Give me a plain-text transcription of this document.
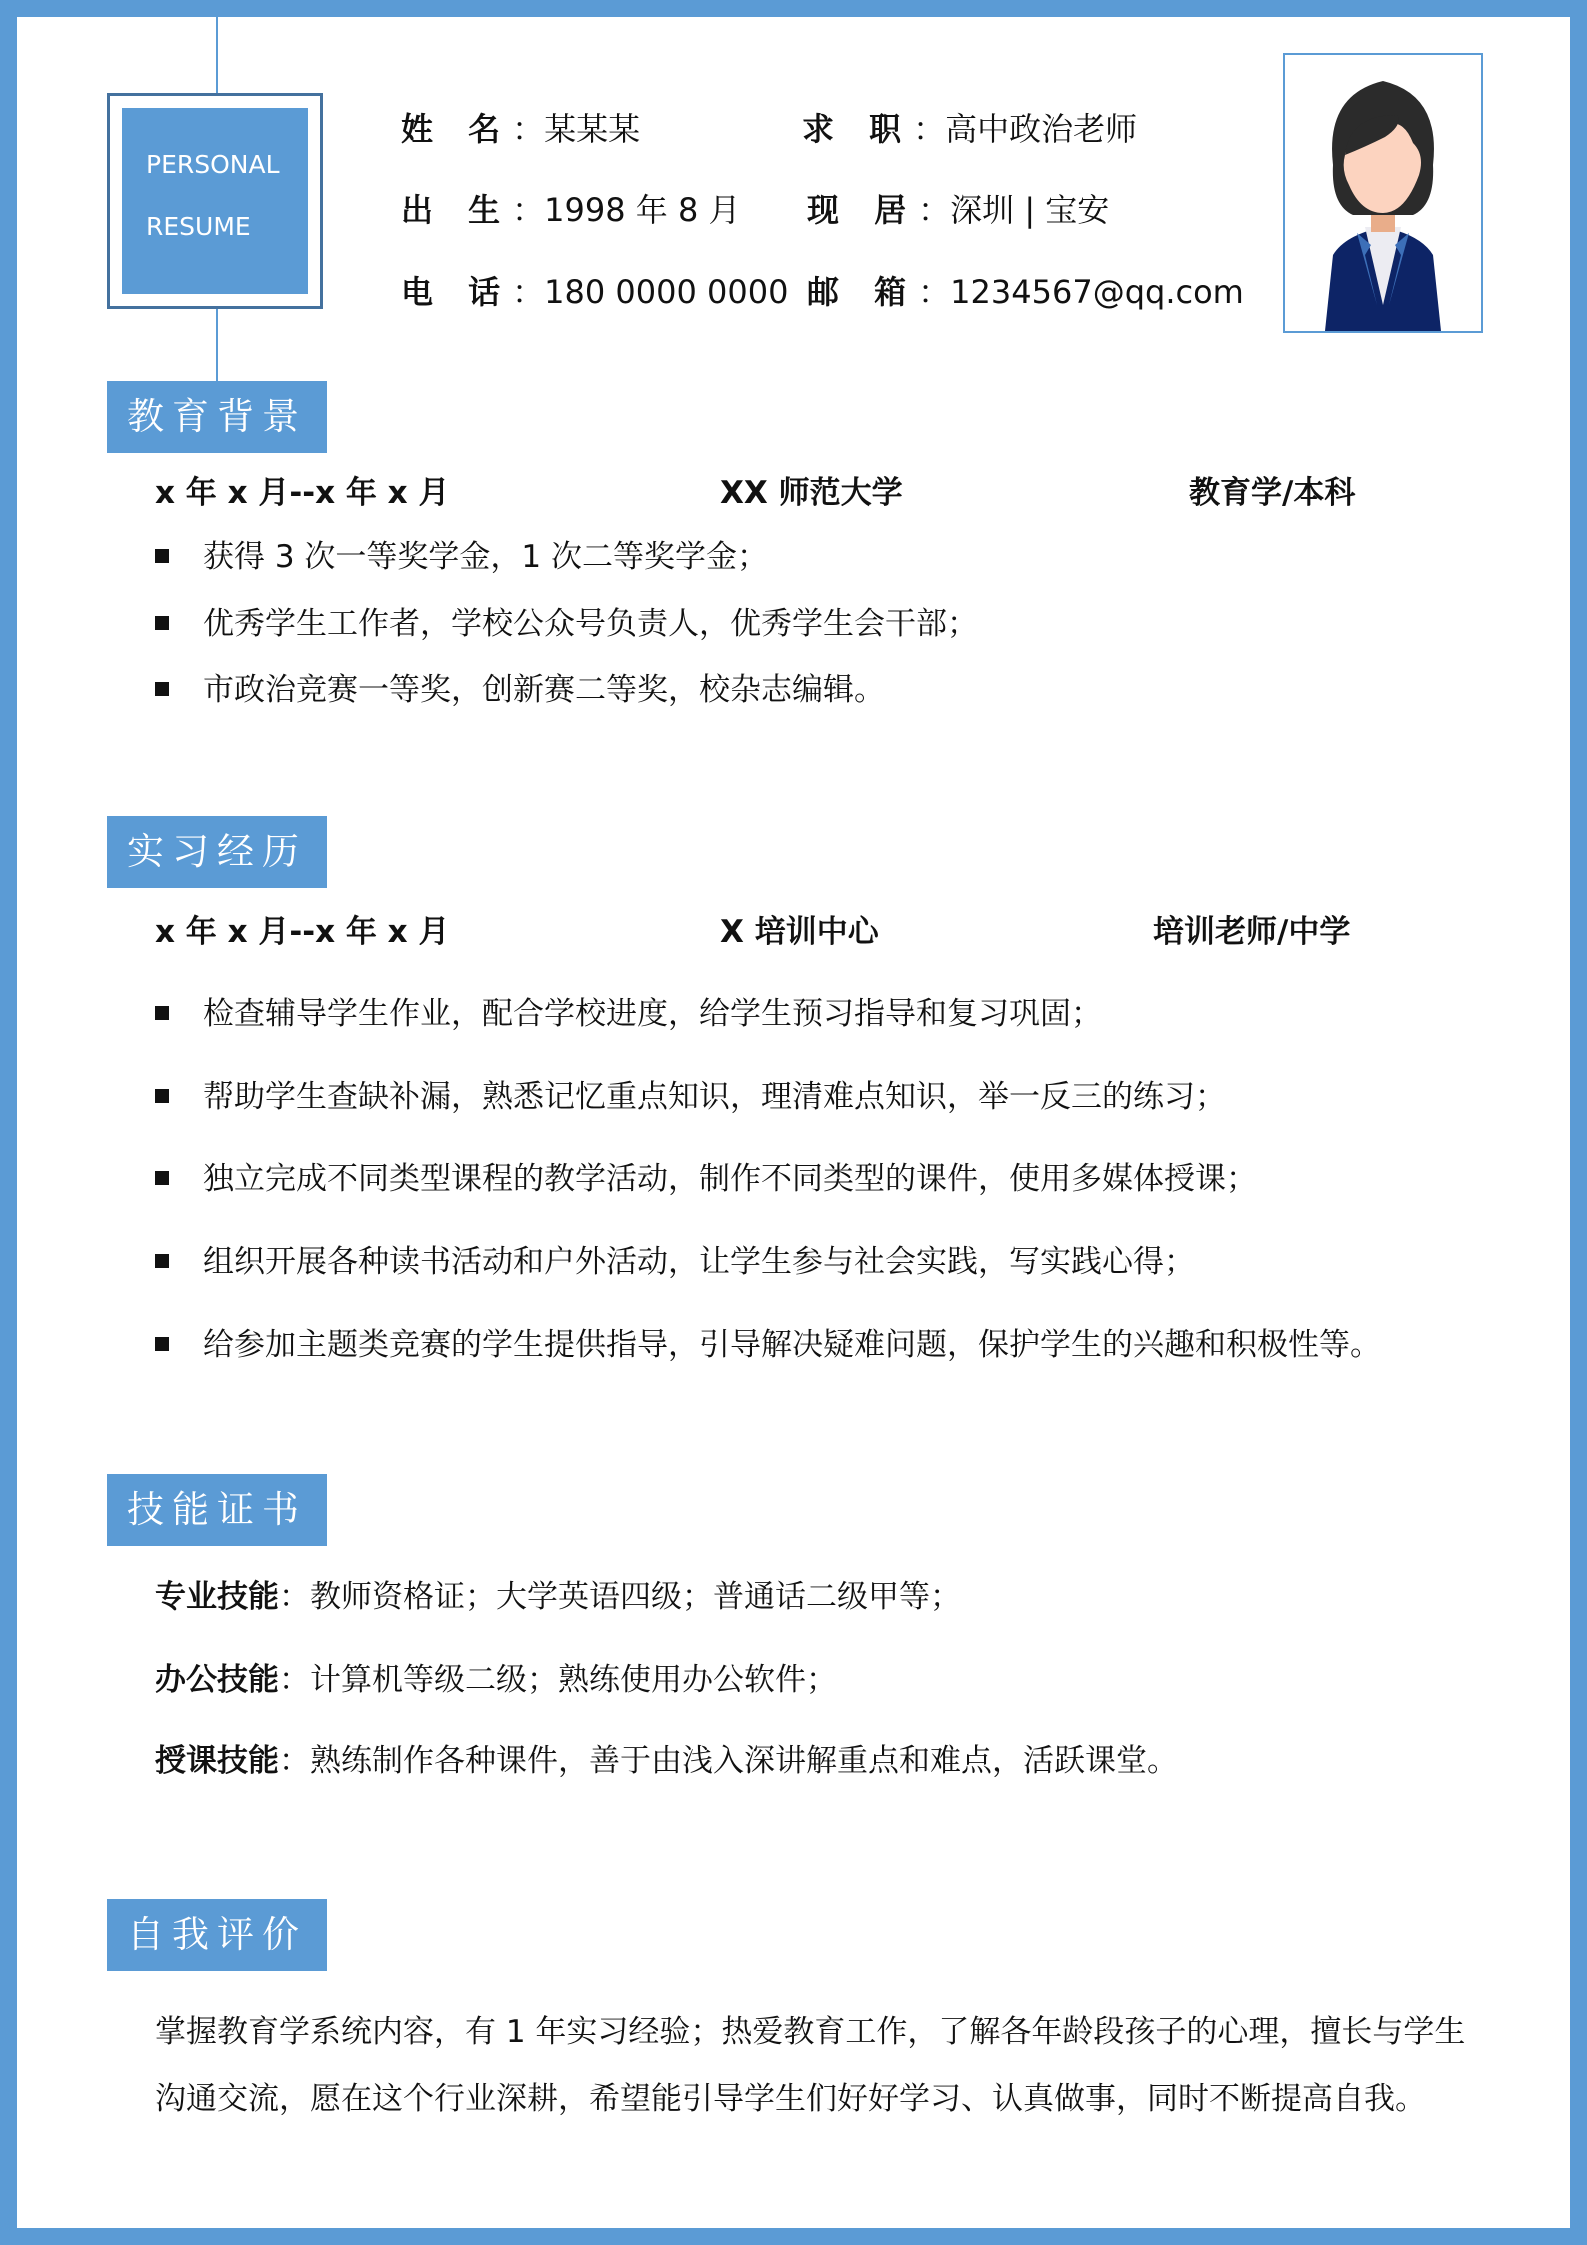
PERSONAL
RESUME
姓 名：某某某	求 职：高中政治老师
出 生：1998 年 8 月 现 居：深圳 | 宝安
电 话：180 0000 0000 邮 箱：1234567@qq.com
教育背景
x 年 x 月--x 年 x 月	XX 师范大学	教育学/本科
获得 3 次一等奖学金，1 次二等奖学金；
优秀学生工作者，学校公众号负责人，优秀学生会干部；
市政治竞赛一等奖，创新赛二等奖，校杂志编辑。
实习经历
x 年 x 月--x 年 x 月	X 培训中心	培训老师/中学
检查辅导学生作业，配合学校进度，给学生预习指导和复习巩固；
帮助学生查缺补漏，熟悉记忆重点知识，理清难点知识，举一反三的练习；
独立完成不同类型课程的教学活动，制作不同类型的课件，使用多媒体授课；
组织开展各种读书活动和户外活动，让学生参与社会实践，写实践心得；
给参加主题类竞赛的学生提供指导，引导解决疑难问题，保护学生的兴趣和积极性等。
技能证书
专业技能：教师资格证；大学英语四级；普通话二级甲等；
办公技能：计算机等级二级；熟练使用办公软件；
授课技能：熟练制作各种课件，善于由浅入深讲解重点和难点，活跃课堂。
自我评价
掌握教育学系统内容，有 1 年实习经验；热爱教育工作，了解各年龄段孩子的心理，擅长与学生沟通交流，愿在这个行业深耕，希望能引导学生们好好学习、认真做事，同时不断提高自我。
